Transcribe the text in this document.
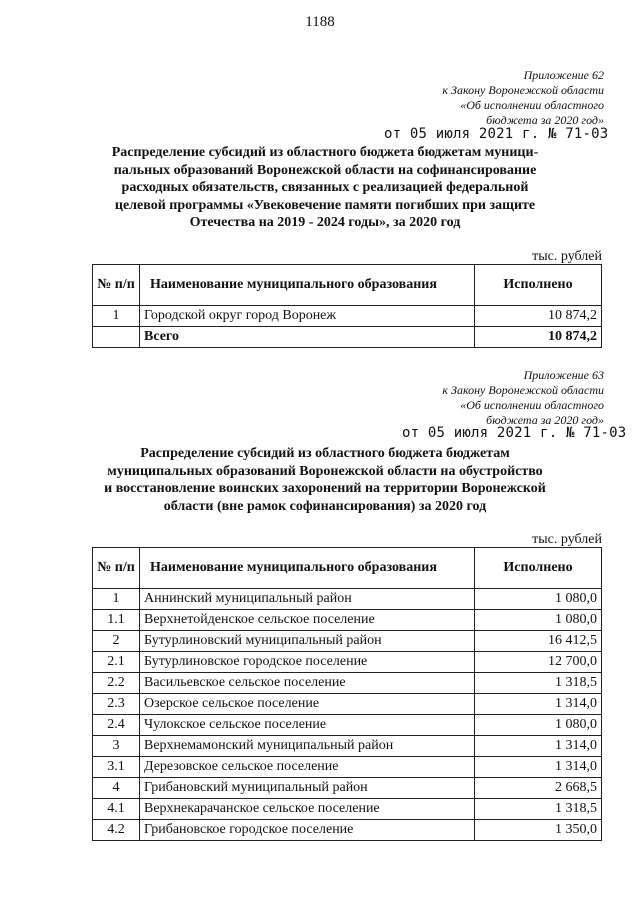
1188
Приложение 62
к Закону Воронежской области
«Об исполнении областного
бюджета за 2020 год»
от 05 июля 2021 г. № 71-03
Распределение субсидий из областного бюджета бюджетам муници-
пальных образований Воронежской области на софинансирование
расходных обязательств, связанных с реализацией федеральной
целевой программы «Увековечение памяти погибших при защите
Отечества на 2019 - 2024 годы», за 2020 год
тыс. рублей
№ п/п	Наименование муниципального образования	Исполнено
1	Городской округ город Воронеж	10 874,2
	Всего	10 874,2
Приложение 63
к Закону Воронежской области
«Об исполнении областного
бюджета за 2020 год»
от 05 июля 2021 г. № 71-03
Распределение субсидий из областного бюджета бюджетам
муниципальных образований Воронежской области на обустройство
и восстановление воинских захоронений на территории Воронежской
области (вне рамок софинансирования) за 2020 год
тыс. рублей
№ п/п	Наименование муниципального образования	Исполнено
1	Аннинский муниципальный район	1 080,0
1.1	Верхнетойденское сельское поселение	1 080,0
2	Бутурлиновский муниципальный район	16 412,5
2.1	Бутурлиновское городское поселение	12 700,0
2.2	Васильевское сельское поселение	1 318,5
2.3	Озерское сельское поселение	1 314,0
2.4	Чулокское сельское поселение	1 080,0
3	Верхнемамонский муниципальный район	1 314,0
3.1	Дерезовское сельское поселение	1 314,0
4	Грибановский муниципальный район	2 668,5
4.1	Верхнекарачанское сельское поселение	1 318,5
4.2	Грибановское городское поселение	1 350,0
